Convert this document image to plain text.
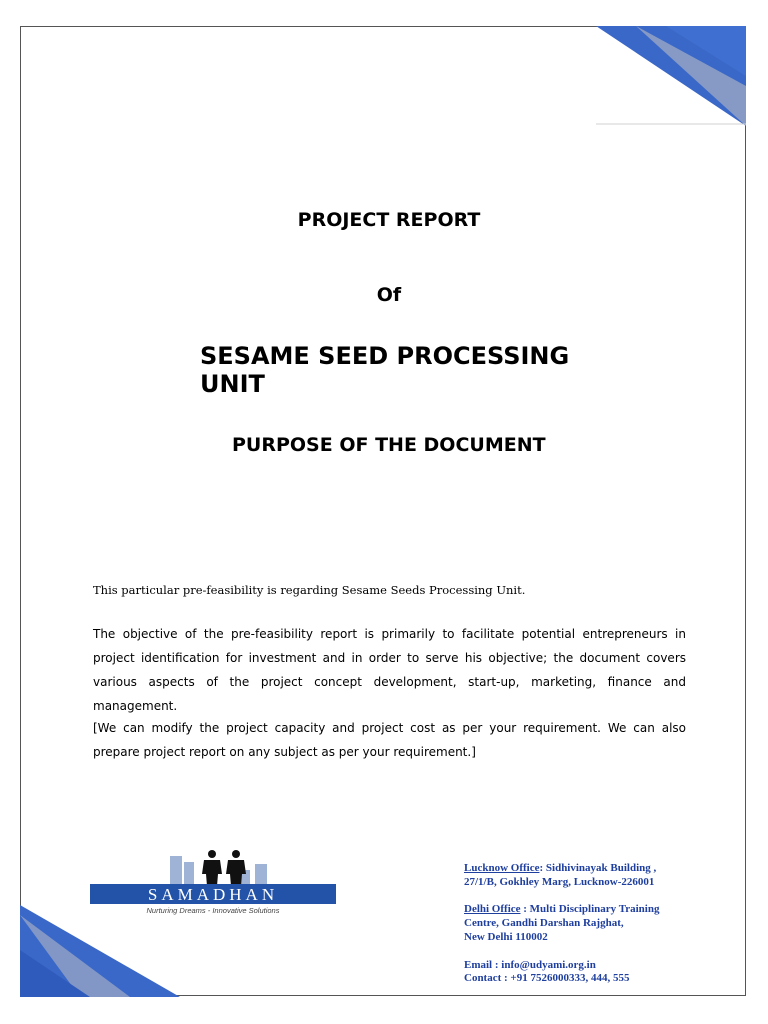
PROJECT REPORT
Of
SESAME SEED PROCESSING UNIT
PURPOSE OF THE DOCUMENT
This particular pre-feasibility is regarding Sesame Seeds Processing Unit.
The objective of the pre-feasibility report is primarily to facilitate potential entrepreneurs in project identification for investment and in order to serve his objective; the document covers various aspects of the project concept development, start-up, marketing, finance and management.
[We can modify the project capacity and project cost as per your requirement. We can also prepare project report on any subject as per your requirement.]
SAMADHAN
Nurturing Dreams - Innovative Solutions
Lucknow Office: Sidhivinayak Building ,
27/1/B, Gokhley Marg, Lucknow-226001
Delhi Office : Multi Disciplinary Training
Centre, Gandhi Darshan Rajghat,
New Delhi 110002
Email : info@udyami.org.in
Contact : +91 7526000333, 444, 555
